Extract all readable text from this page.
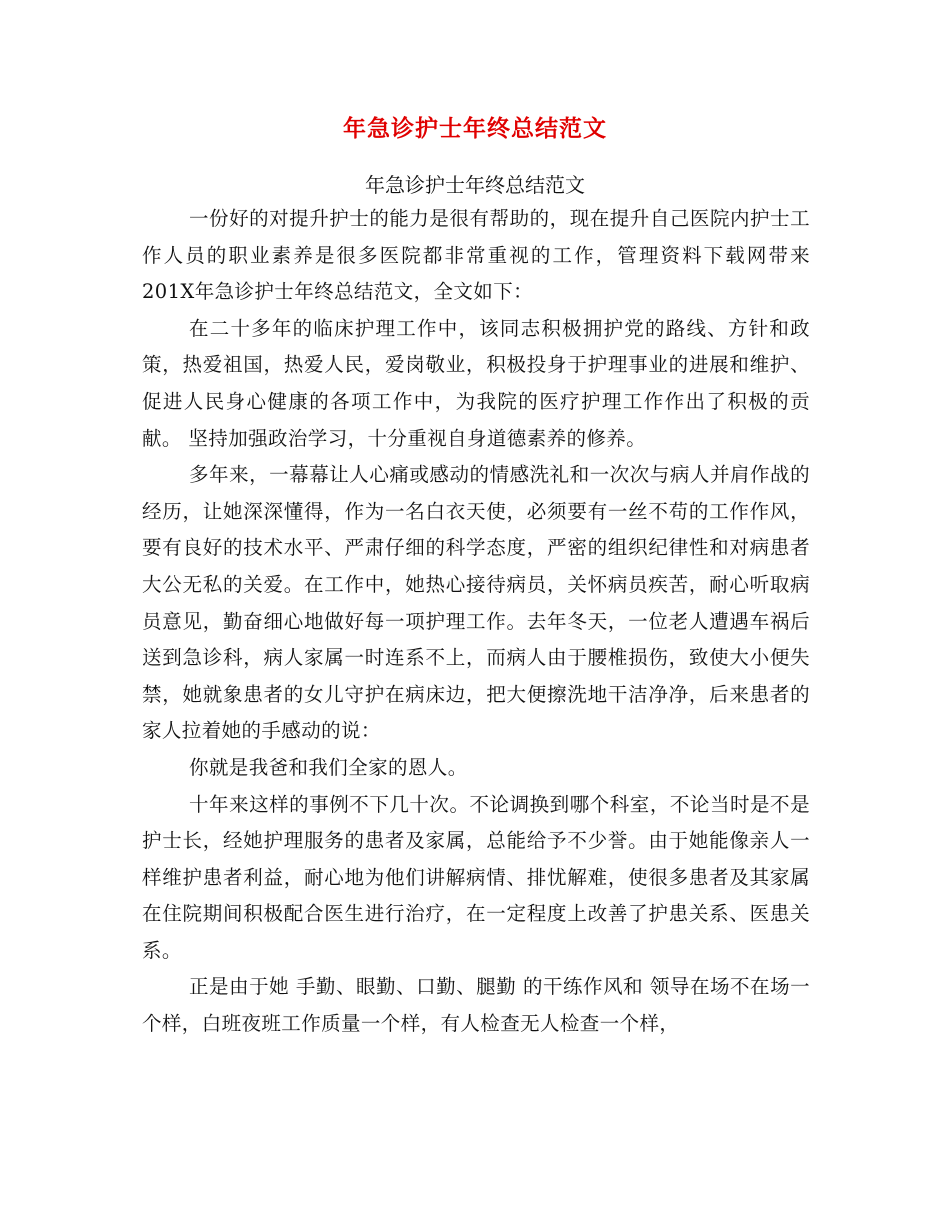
年急诊护士年终总结范文

年急诊护士年终总结范文

一份好的对提升护士的能力是很有帮助的，现在提升自己医院内护士工作人员的职业素养是很多医院都非常重视的工作，管理资料下载网带来201X年急诊护士年终总结范文，全文如下：

在二十多年的临床护理工作中，该同志积极拥护党的路线、方针和政策，热爱祖国，热爱人民，爱岗敬业，积极投身于护理事业的进展和维护、促进人民身心健康的各项工作中，为我院的医疗护理工作作出了积极的贡献。 坚持加强政治学习，十分重视自身道德素养的修养。

多年来，一幕幕让人心痛或感动的情感洗礼和一次次与病人并肩作战的经历，让她深深懂得，作为一名白衣天使，必须要有一丝不苟的工作作风，要有良好的技术水平、严肃仔细的科学态度，严密的组织纪律性和对病患者大公无私的关爱。在工作中，她热心接待病员，关怀病员疾苦，耐心听取病员意见，勤奋细心地做好每一项护理工作。去年冬天，一位老人遭遇车祸后送到急诊科，病人家属一时连系不上，而病人由于腰椎损伤，致使大小便失禁，她就象患者的女儿守护在病床边，把大便擦洗地干洁净净，后来患者的家人拉着她的手感动的说：

你就是我爸和我们全家的恩人。

十年来这样的事例不下几十次。不论调换到哪个科室，不论当时是不是护士长，经她护理服务的患者及家属，总能给予不少誉。由于她能像亲人一样维护患者利益，耐心地为他们讲解病情、排忧解难，使很多患者及其家属在住院期间积极配合医生进行治疗，在一定程度上改善了护患关系、医患关系。

正是由于她 手勤、眼勤、口勤、腿勤 的干练作风和 领导在场不在场一个样，白班夜班工作质量一个样，有人检查无人检查一个样，
